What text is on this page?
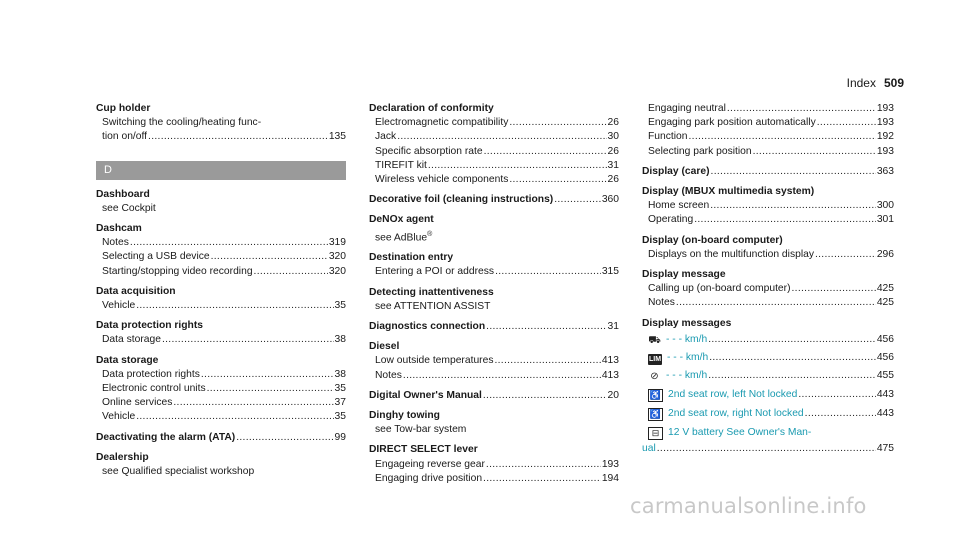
Index 509
Cup holder
Switching the cooling/heating func-
tion on/off .....	135
D
Dashboard
see Cockpit
Dashcam
Notes .....	319
Selecting a USB device .....	320
Starting/stopping video recording .....	320
Data acquisition
Vehicle .....	35
Data protection rights
Data storage .....	38
Data storage
Data protection rights .....	38
Electronic control units .....	35
Online services .....	37
Vehicle .....	35
Deactivating the alarm (ATA) .....	99
Dealership
see Qualified specialist workshop
Declaration of conformity
Electromagnetic compatibility .....	26
Jack .....	30
Specific absorption rate .....	26
TIREFIT kit .....	31
Wireless vehicle components .....	26
Decorative foil (cleaning instructions) .....	360
DeNOx agent
see AdBlue®
Destination entry
Entering a POI or address .....	315
Detecting inattentiveness
see ATTENTION ASSIST
Diagnostics connection .....	31
Diesel
Low outside temperatures .....	413
Notes .....	413
Digital Owner's Manual .....	20
Dinghy towing
see Tow-bar system
DIRECT SELECT lever
Engageing reverse gear .....	193
Engaging drive position .....	194
Engaging neutral .....	193
Engaging park position automatically .....	193
Function .....	192
Selecting park position .....	193
Display (care) .....	363
Display (MBUX multimedia system)
Home screen .....	300
Operating .....	301
Display (on-board computer)
Displays on the multifunction display .....	296
Display message
Calling up (on-board computer) .....	425
Notes .....	425
Display messages
⛟ - - - km/h .....	456
LIM - - - km/h .....	456
⊘ - - - km/h .....	455
♿ 2nd seat row, left Not locked .....	443
♿ 2nd seat row, right Not locked .....	443
⊟ 12 V battery See Owner's Man-
ual .....	475
carmanualsonline.info
